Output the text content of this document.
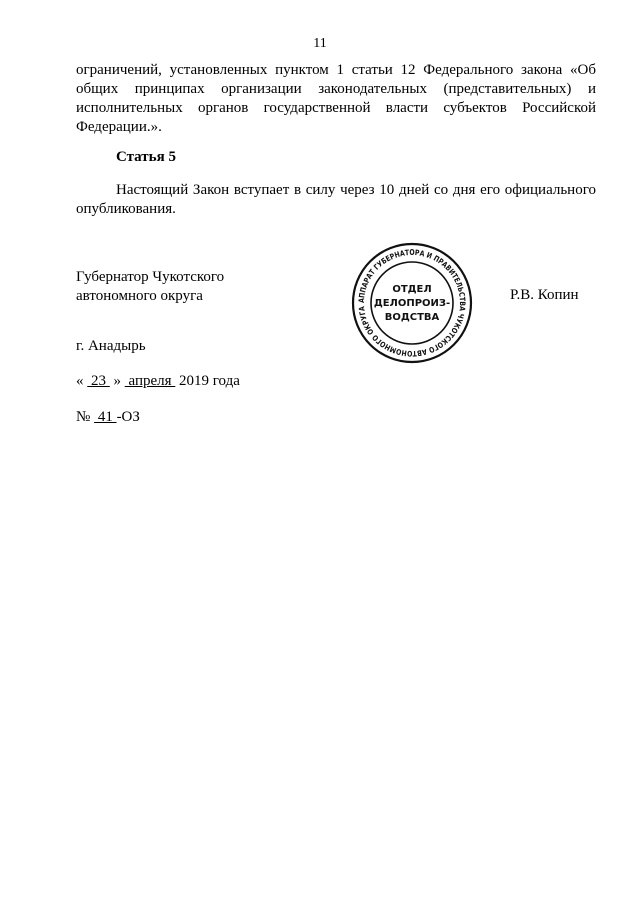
11

ограничений, установленных пунктом 1 статьи 12 Федерального закона «Об общих принципах организации законодательных (представительных) и исполнительных органов государственной власти субъектов Российской Федерации.».

Статья 5

Настоящий Закон вступает в силу через 10 дней со дня его официального опубликования.

Губернатор Чукотского
автономного округа	Р.В. Копин
АППАРАТ ГУБЕРНАТОРА И ПРАВИТЕЛЬСТВА ЧУКОТСКОГО АВТОНОМНОГО ОКРУГА
ОТДЕЛ
ДЕЛОПРОИЗ-
ВОДСТВА
г. Анадырь
«  23  »  апреля  2019 года
№  41 -ОЗ
